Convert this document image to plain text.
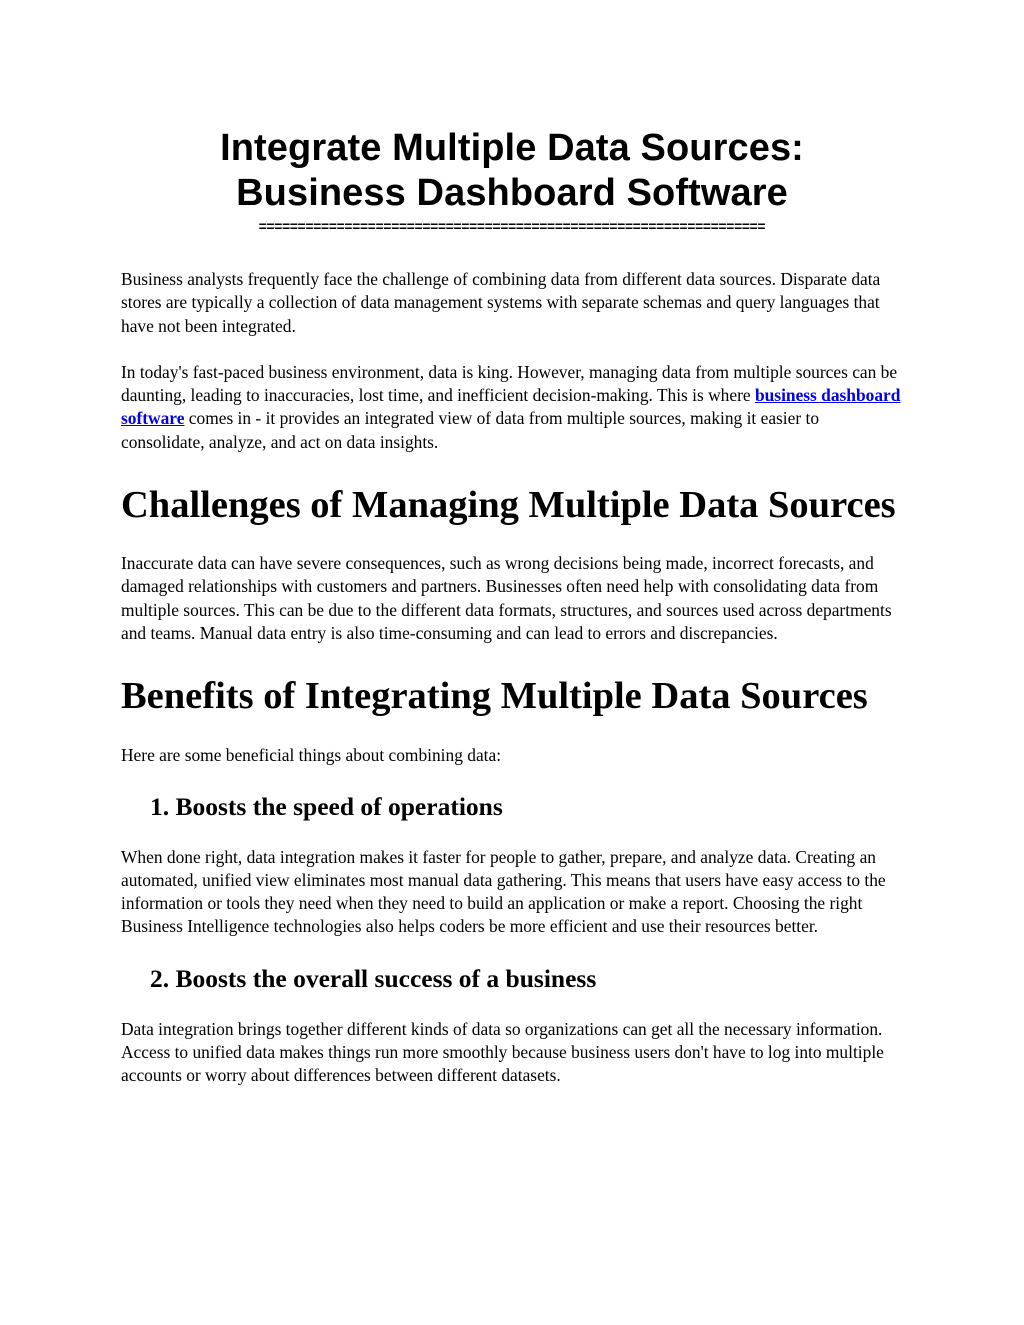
Integrate Multiple Data Sources:
Business Dashboard Software
=================================================================

Business analysts frequently face the challenge of combining data from different data sources. Disparate data stores are typically a collection of data management systems with separate schemas and query languages that have not been integrated.

In today's fast-paced business environment, data is king. However, managing data from multiple sources can be daunting, leading to inaccuracies, lost time, and inefficient decision-making. This is where business dashboard software comes in - it provides an integrated view of data from multiple sources, making it easier to consolidate, analyze, and act on data insights.

Challenges of Managing Multiple Data Sources

Inaccurate data can have severe consequences, such as wrong decisions being made, incorrect forecasts, and damaged relationships with customers and partners. Businesses often need help with consolidating data from multiple sources. This can be due to the different data formats, structures, and sources used across departments and teams. Manual data entry is also time-consuming and can lead to errors and discrepancies.

Benefits of Integrating Multiple Data Sources

Here are some beneficial things about combining data:

1. Boosts the speed of operations

When done right, data integration makes it faster for people to gather, prepare, and analyze data. Creating an automated, unified view eliminates most manual data gathering. This means that users have easy access to the information or tools they need when they need to build an application or make a report. Choosing the right Business Intelligence technologies also helps coders be more efficient and use their resources better.

2. Boosts the overall success of a business

Data integration brings together different kinds of data so organizations can get all the necessary information. Access to unified data makes things run more smoothly because business users don't have to log into multiple accounts or worry about differences between different datasets.
